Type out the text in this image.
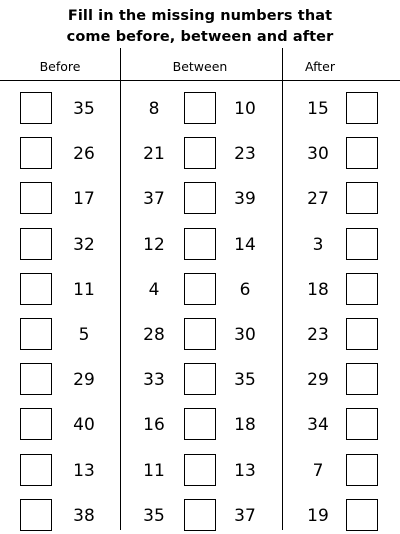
Fill in the missing numbers that
come before, between and after
Before	Between	After
35	8	10	15
26	21	23	30
17	37	39	27
32	12	14	3
11	4	6	18
5	28	30	23
29	33	35	29
40	16	18	34
13	11	13	7
38	35	37	19
